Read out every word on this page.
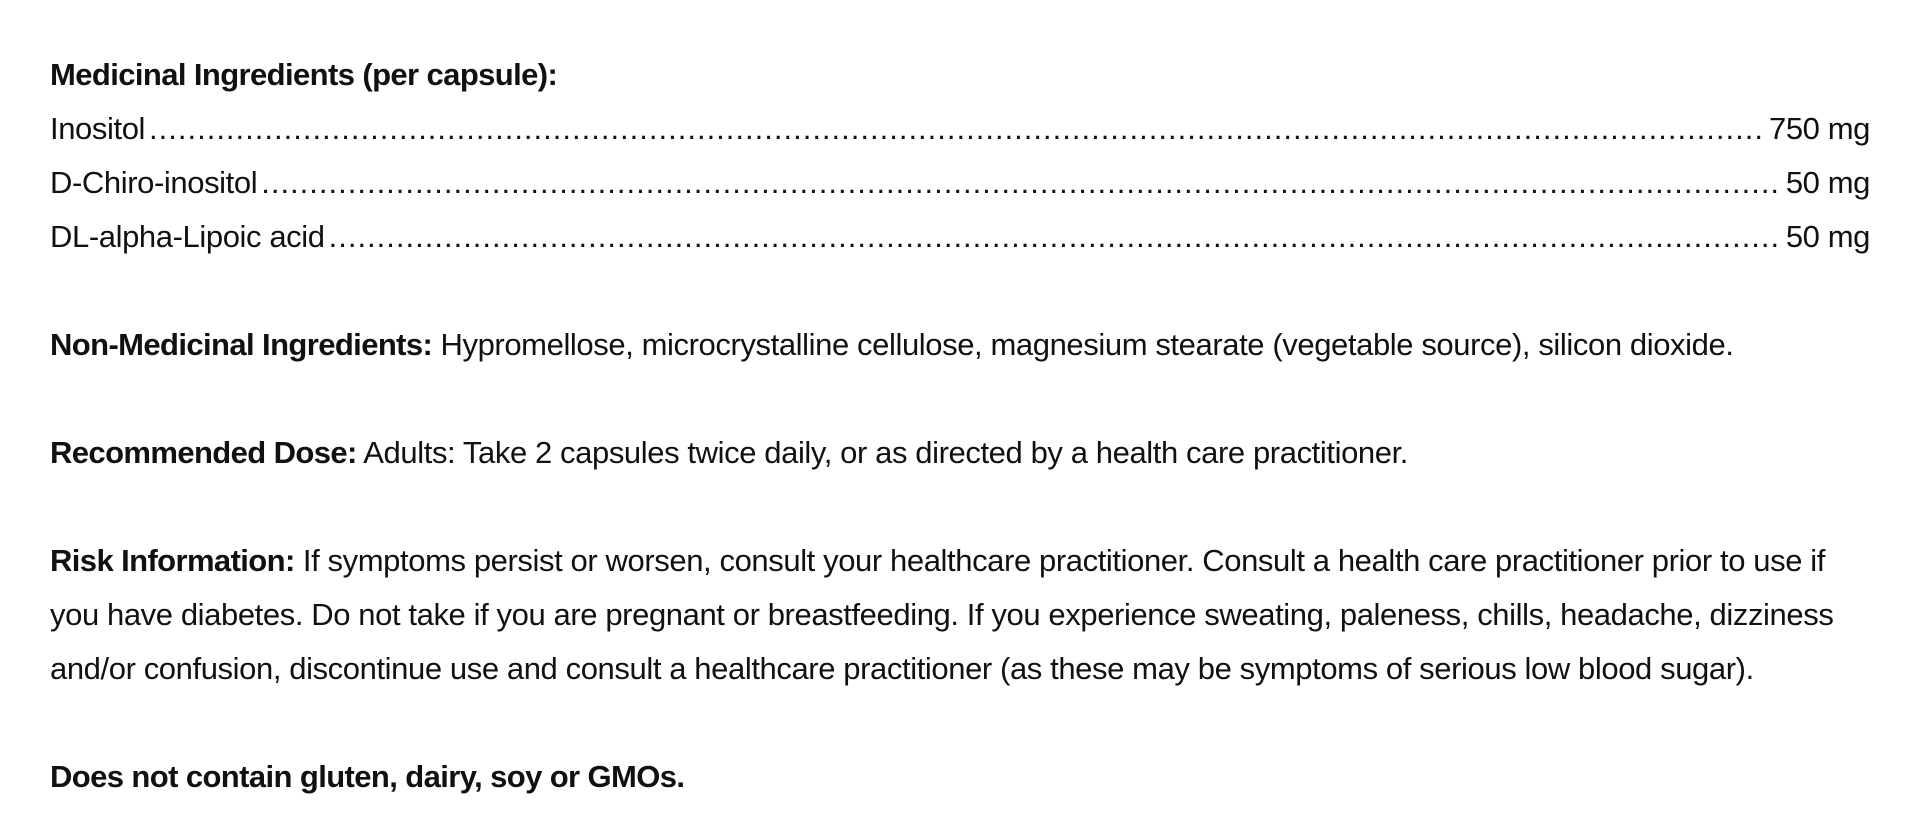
Medicinal Ingredients (per capsule):
Inositol .....	750 mg
D-Chiro-inositol .....	50 mg
DL-alpha-Lipoic acid .....	50 mg

Non-Medicinal Ingredients: Hypromellose, microcrystalline cellulose, magnesium stearate (vegetable source), silicon dioxide.

Recommended Dose: Adults: Take 2 capsules twice daily, or as directed by a health care practitioner.

Risk Information: If symptoms persist or worsen, consult your healthcare practitioner. Consult a health care practitioner prior to use if you have diabetes. Do not take if you are pregnant or breastfeeding. If you experience sweating, paleness, chills, headache, dizziness and/or confusion, discontinue use and consult a healthcare practitioner (as these may be symptoms of serious low blood sugar).

Does not contain gluten, dairy, soy or GMOs.
